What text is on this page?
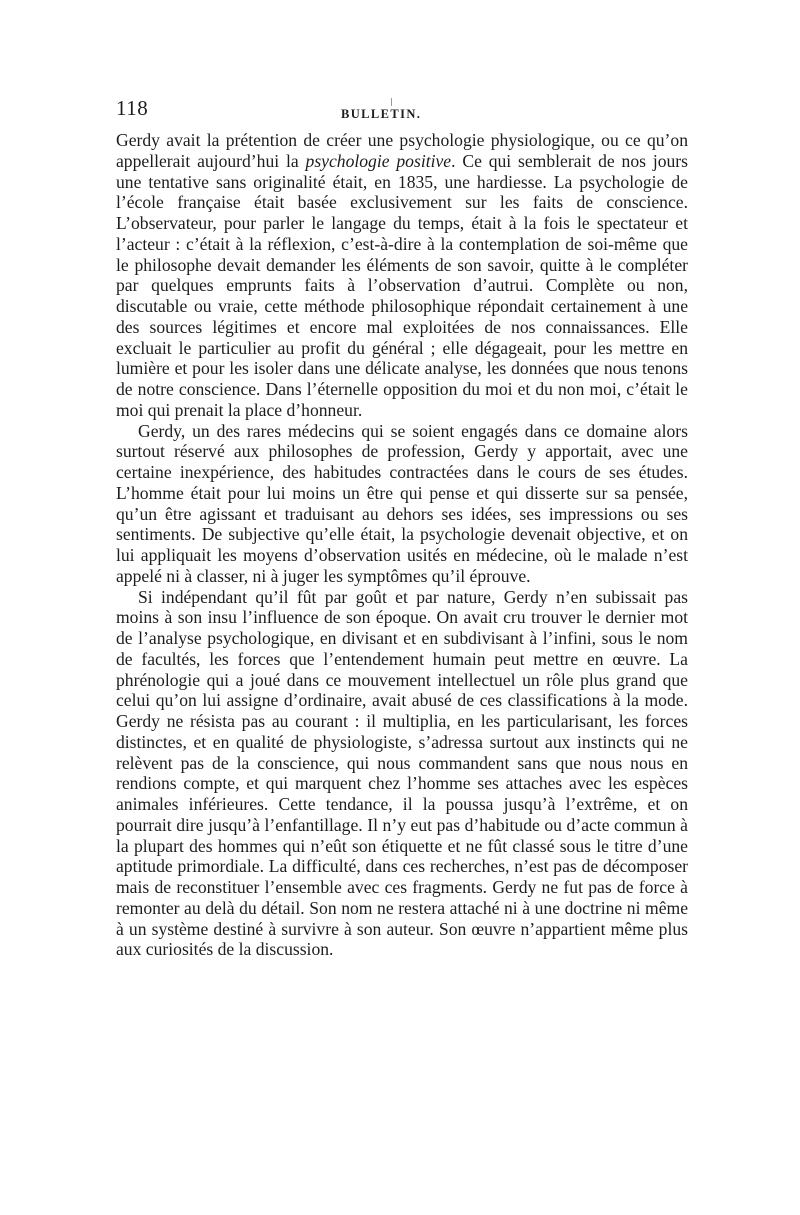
118	BULLETIN.

Gerdy avait la prétention de créer une psychologie physiologique, ou ce qu’on appellerait aujourd’hui la psychologie positive. Ce qui semblerait de nos jours une tentative sans originalité était, en 1835, une hardiesse. La psychologie de l’école française était basée exclusivement sur les faits de conscience. L’observateur, pour parler le langage du temps, était à la fois le spectateur et l’acteur : c’était à la réflexion, c’est-à-dire à la contemplation de soi-même que le philosophe devait demander les éléments de son savoir, quitte à le compléter par quelques emprunts faits à l’observation d’autrui. Complète ou non, discutable ou vraie, cette méthode philosophique répondait certainement à une des sources légitimes et encore mal exploitées de nos connaissances. Elle excluait le particulier au profit du général ; elle dégageait, pour les mettre en lumière et pour les isoler dans une délicate analyse, les données que nous tenons de notre conscience. Dans l’éternelle opposition du moi et du non moi, c’était le moi qui prenait la place d’honneur.

Gerdy, un des rares médecins qui se soient engagés dans ce domaine alors surtout réservé aux philosophes de profession, Gerdy y apportait, avec une certaine inexpérience, des habitudes contractées dans le cours de ses études. L’homme était pour lui moins un être qui pense et qui disserte sur sa pensée, qu’un être agissant et traduisant au dehors ses idées, ses impressions ou ses sentiments. De subjective qu’elle était, la psychologie devenait objective, et on lui appliquait les moyens d’observation usités en médecine, où le malade n’est appelé ni à classer, ni à juger les symptômes qu’il éprouve.

Si indépendant qu’il fût par goût et par nature, Gerdy n’en subissait pas moins à son insu l’influence de son époque. On avait cru trouver le dernier mot de l’analyse psychologique, en divisant et en subdivisant à l’infini, sous le nom de facultés, les forces que l’entendement humain peut mettre en œuvre. La phrénologie qui a joué dans ce mouvement intellectuel un rôle plus grand que celui qu’on lui assigne d’ordinaire, avait abusé de ces classifications à la mode. Gerdy ne résista pas au courant : il multiplia, en les particularisant, les forces distinctes, et en qualité de physiologiste, s’adressa surtout aux instincts qui ne relèvent pas de la conscience, qui nous commandent sans que nous nous en rendions compte, et qui marquent chez l’homme ses attaches avec les espèces animales inférieures. Cette tendance, il la poussa jusqu’à l’extrême, et on pourrait dire jusqu’à l’enfantillage. Il n’y eut pas d’habitude ou d’acte commun à la plupart des hommes qui n’eût son étiquette et ne fût classé sous le titre d’une aptitude primordiale. La difficulté, dans ces recherches, n’est pas de décomposer mais de reconstituer l’ensemble avec ces fragments. Gerdy ne fut pas de force à remonter au delà du détail. Son nom ne restera attaché ni à une doctrine ni même à un système destiné à survivre à son auteur. Son œuvre n’appartient même plus aux curiosités de la discussion.
